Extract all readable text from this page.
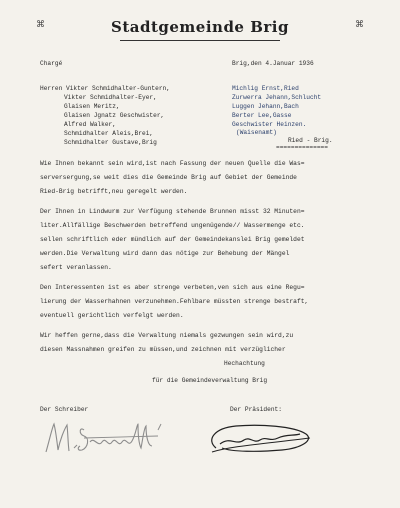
⌘	Stadtgemeinde Brig	⌘
Chargé	Brig,den 4.Januar 1936
Herren Vikter Schmidhalter-Guntern,
Vikter Schmidhalter-Eyer,
Glaisen Meritz,
Glaisen Jgnatz Geschwister,
Alfred Walker,
Schmidhalter Aleis,Brei,
Schmidhalter Gustave,Brig
Michlig Ernst,Ried
Zurwerra Jehann,Schlucht
Luggen Jehann,Bach
Berter Lee,Gasse
Geschwister Heinzen.
(Waisenamt)
Ried - Brig.
==============
Wie Ihnen bekannt sein wird,ist nach Fassung der neuen Quelle die Was=
serversergung,se weit dies die Gemeinde Brig auf Gebiet der Gemeinde
Ried-Brig betrifft,neu geregelt werden.
Der Ihnen in Lindwurm zur Verfügung stehende Brunnen misst 32 Minuten=
liter.Allfällige Beschwerden betreffend ungenügende// Wassermenge etc.
sellen schriftlich eder mündlich auf der Gemeindekanslei Brig gemeldet
werden.Die Verwaltung wird dann das nötige zur Behebung der Mängel
sefert veranlassen.
Den Interessenten ist es aber strenge verbeten,ven sich aus eine Regu=
lierung der Wasserhahnen verzunehmen.Fehlbare müssten strenge bestraft,
eventuell gerichtlich verfelgt werden.
Wir heffen gerne,dass die Verwaltung niemals gezwungen sein wird,zu
diesen Massnahmen greifen zu müssen,und zeichnen mit verzüglicher
Hechachtung
für die Gemeindeverwaltung Brig
Der Schreiber	Der Präsident:
